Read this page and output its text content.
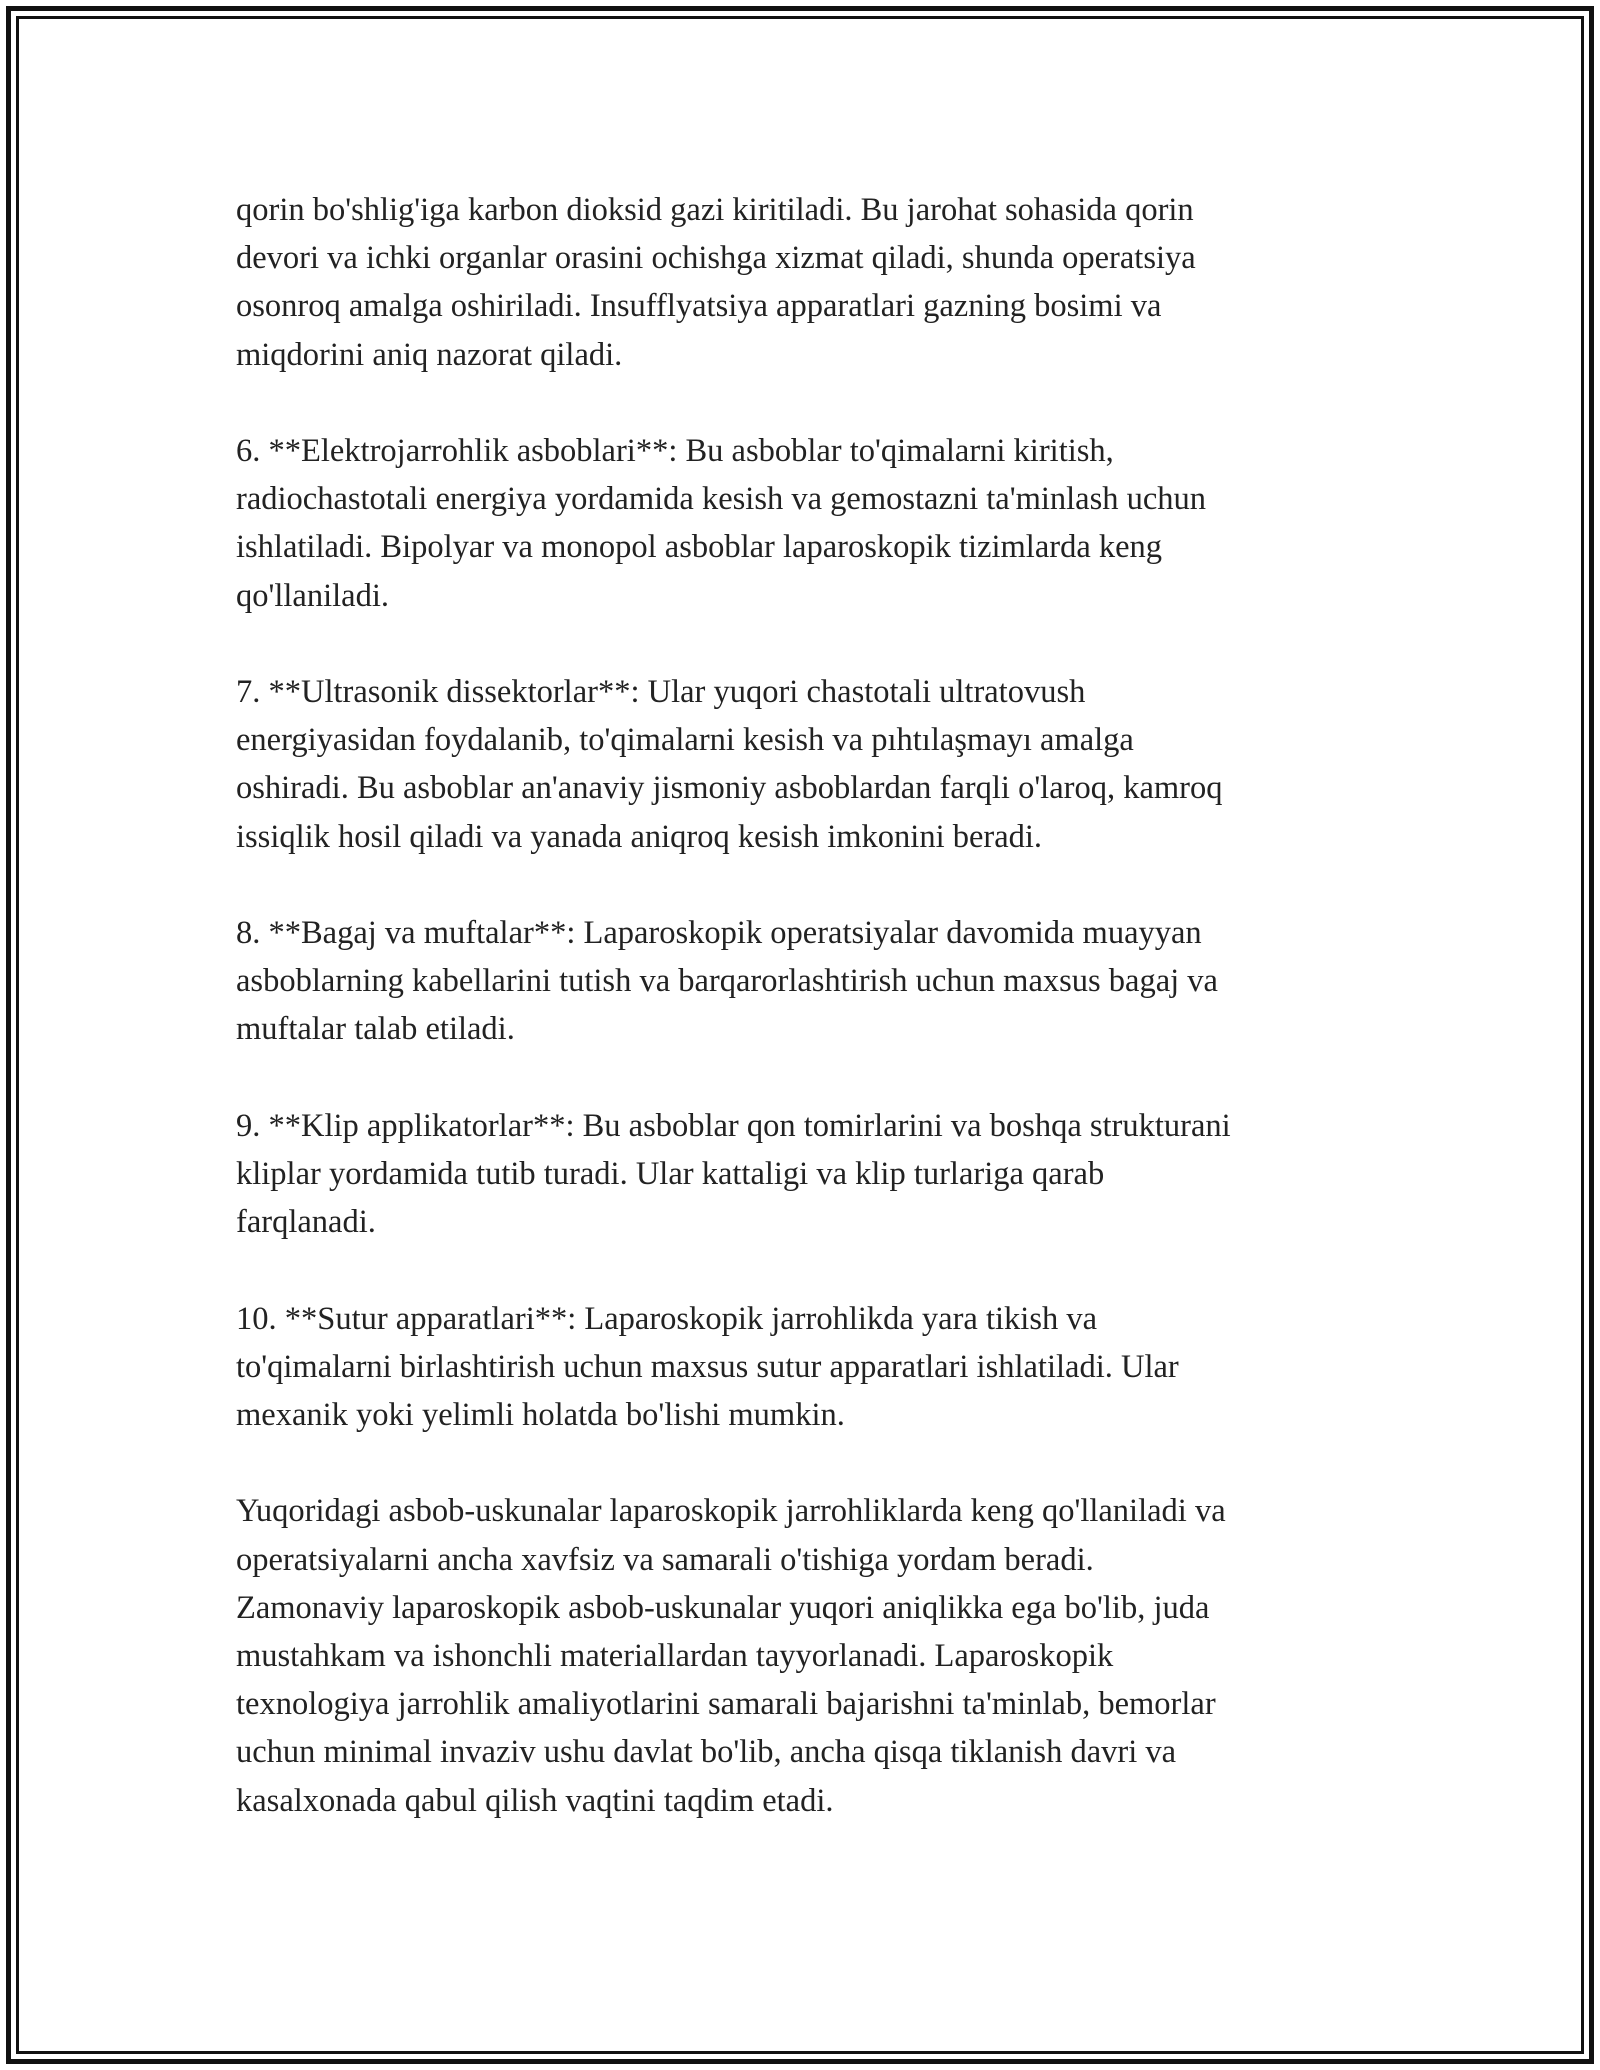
qorin bo'shlig'iga karbon dioksid gazi kiritiladi. Bu jarohat sohasida qorin
devori va ichki organlar orasini ochishga xizmat qiladi, shunda operatsiya
osonroq amalga oshiriladi. Insufflyatsiya apparatlari gazning bosimi va
miqdorini aniq nazorat qiladi.

6. **Elektrojarrohlik asboblari**: Bu asboblar to'qimalarni kiritish,
radiochastotali energiya yordamida kesish va gemostazni ta'minlash uchun
ishlatiladi. Bipolyar va monopol asboblar laparoskopik tizimlarda keng
qo'llaniladi.

7. **Ultrasonik dissektorlar**: Ular yuqori chastotali ultratovush
energiyasidan foydalanib, to'qimalarni kesish va pıhtılaşmayı amalga
oshiradi. Bu asboblar an'anaviy jismoniy asboblardan farqli o'laroq, kamroq
issiqlik hosil qiladi va yanada aniqroq kesish imkonini beradi.

8. **Bagaj va muftalar**: Laparoskopik operatsiyalar davomida muayyan
asboblarning kabellarini tutish va barqarorlashtirish uchun maxsus bagaj va
muftalar talab etiladi.

9. **Klip applikatorlar**: Bu asboblar qon tomirlarini va boshqa strukturani
kliplar yordamida tutib turadi. Ular kattaligi va klip turlariga qarab
farqlanadi.

10. **Sutur apparatlari**: Laparoskopik jarrohlikda yara tikish va
to'qimalarni birlashtirish uchun maxsus sutur apparatlari ishlatiladi. Ular
mexanik yoki yelimli holatda bo'lishi mumkin.

Yuqoridagi asbob-uskunalar laparoskopik jarrohliklarda keng qo'llaniladi va
operatsiyalarni ancha xavfsiz va samarali o'tishiga yordam beradi.
Zamonaviy laparoskopik asbob-uskunalar yuqori aniqlikka ega bo'lib, juda
mustahkam va ishonchli materiallardan tayyorlanadi. Laparoskopik
texnologiya jarrohlik amaliyotlarini samarali bajarishni ta'minlab, bemorlar
uchun minimal invaziv ushu davlat bo'lib, ancha qisqa tiklanish davri va
kasalxonada qabul qilish vaqtini taqdim etadi.
